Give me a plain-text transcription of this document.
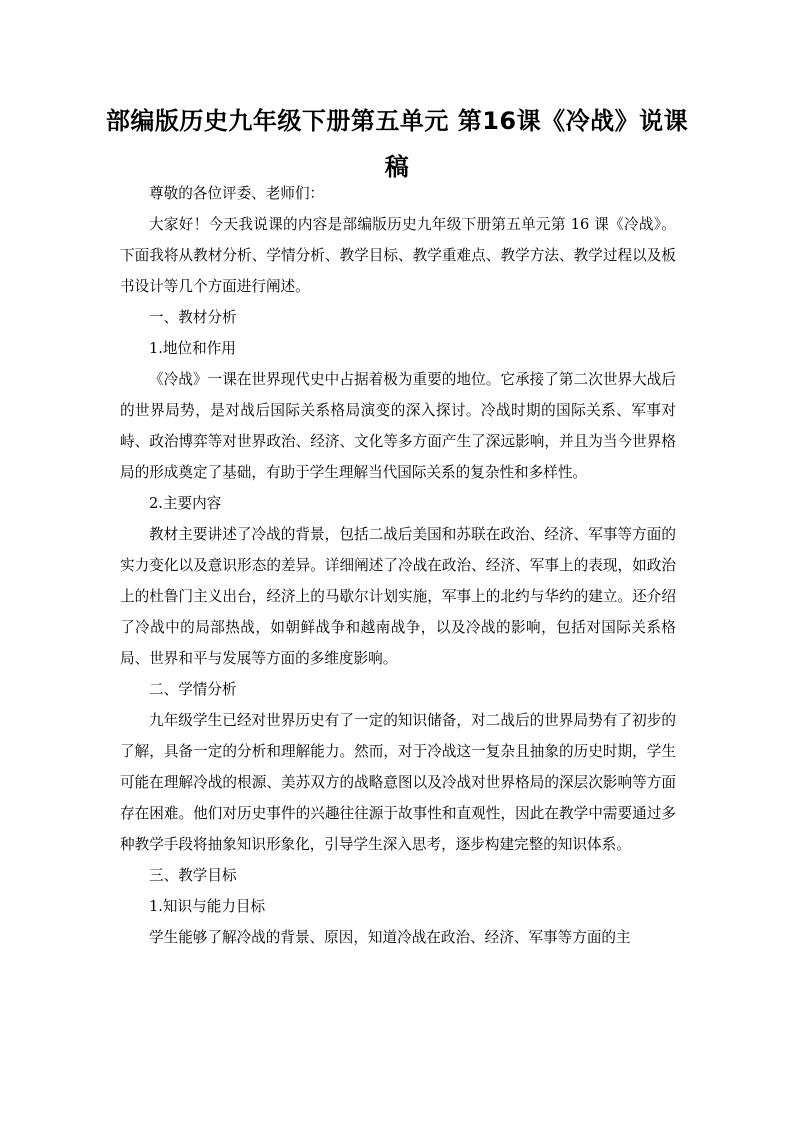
部编版历史九年级下册第五单元 第16课《冷战》说课稿

尊敬的各位评委、老师们：

大家好！今天我说课的内容是部编版历史九年级下册第五单元第 16 课《冷战》。下面我将从教材分析、学情分析、教学目标、教学重难点、教学方法、教学过程以及板书设计等几个方面进行阐述。

一、教材分析

1.地位和作用

《冷战》一课在世界现代史中占据着极为重要的地位。它承接了第二次世界大战后的世界局势，是对战后国际关系格局演变的深入探讨。冷战时期的国际关系、军事对峙、政治博弈等对世界政治、经济、文化等多方面产生了深远影响，并且为当今世界格局的形成奠定了基础，有助于学生理解当代国际关系的复杂性和多样性。

2.主要内容

教材主要讲述了冷战的背景，包括二战后美国和苏联在政治、经济、军事等方面的实力变化以及意识形态的差异。详细阐述了冷战在政治、经济、军事上的表现，如政治上的杜鲁门主义出台，经济上的马歇尔计划实施，军事上的北约与华约的建立。还介绍了冷战中的局部热战，如朝鲜战争和越南战争，以及冷战的影响，包括对国际关系格局、世界和平与发展等方面的多维度影响。

二、学情分析

九年级学生已经对世界历史有了一定的知识储备，对二战后的世界局势有了初步的了解，具备一定的分析和理解能力。然而，对于冷战这一复杂且抽象的历史时期，学生可能在理解冷战的根源、美苏双方的战略意图以及冷战对世界格局的深层次影响等方面存在困难。他们对历史事件的兴趣往往源于故事性和直观性，因此在教学中需要通过多种教学手段将抽象知识形象化，引导学生深入思考，逐步构建完整的知识体系。

三、教学目标

1.知识与能力目标

学生能够了解冷战的背景、原因，知道冷战在政治、经济、军事等方面的主
